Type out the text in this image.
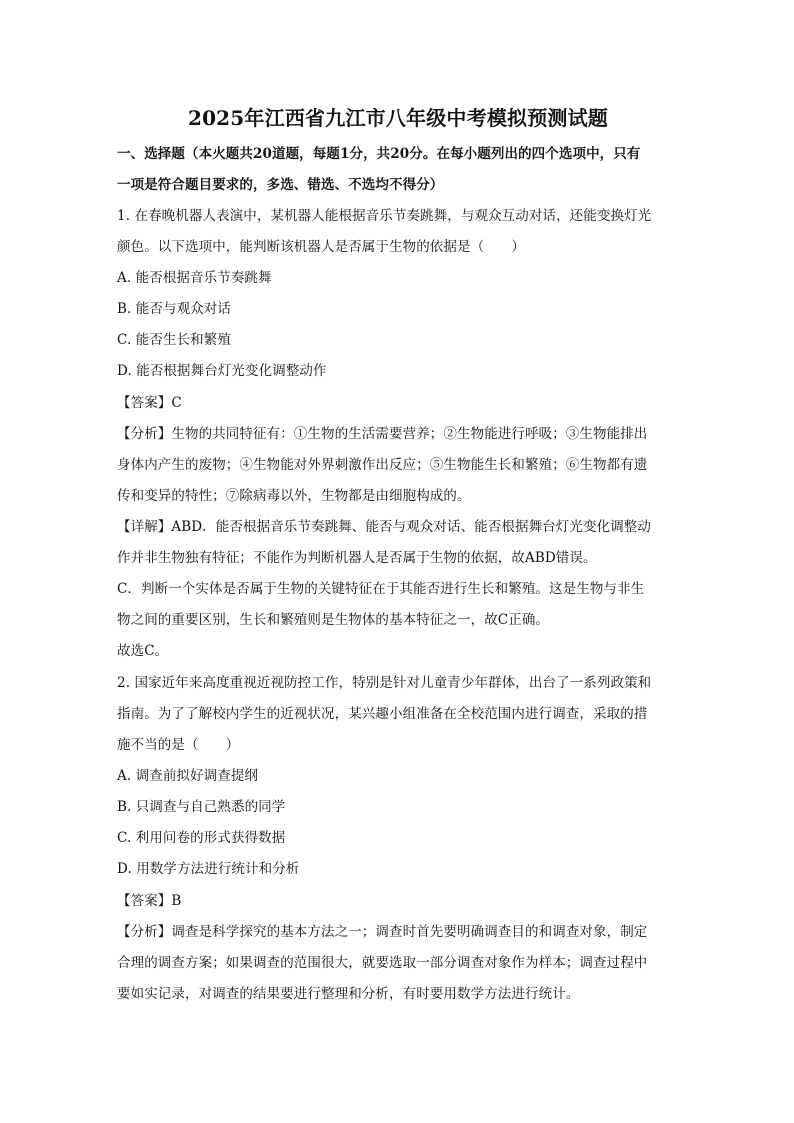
2025年江西省九江市八年级中考模拟预测试题
一、选择题（本火题共20道题，每题1分，共20分。在每小题列出的四个选项中，只有
一项是符合题目要求的，多选、错选、不选均不得分）
1. 在春晚机器人表演中，某机器人能根据音乐节奏跳舞，与观众互动对话，还能变换灯光
颜色。以下选项中，能判断该机器人是否属于生物的依据是（　　）
A. 能否根据音乐节奏跳舞
B. 能否与观众对话
C. 能否生长和繁殖
D. 能否根据舞台灯光变化调整动作
【答案】C
【分析】生物的共同特征有：①生物的生活需要营养；②生物能进行呼吸；③生物能排出
身体内产生的废物；④生物能对外界刺激作出反应；⑤生物能生长和繁殖；⑥生物都有遗
传和变异的特性；⑦除病毒以外，生物都是由细胞构成的。
【详解】ABD．能否根据音乐节奏跳舞、能否与观众对话、能否根据舞台灯光变化调整动
作并非生物独有特征；不能作为判断机器人是否属于生物的依据，故ABD错误。
C．判断一个实体是否属于生物的关键特征在于其能否进行生长和繁殖。这是生物与非生
物之间的重要区别，生长和繁殖则是生物体的基本特征之一，故C正确。
故选C。
2. 国家近年来高度重视近视防控工作，特别是针对儿童青少年群体，出台了一系列政策和
指南。为了了解校内学生的近视状况，某兴趣小组准备在全校范围内进行调查，采取的措
施不当的是（　　）
A. 调查前拟好调查提纲
B. 只调查与自己熟悉的同学
C. 利用问卷的形式获得数据
D. 用数学方法进行统计和分析
【答案】B
【分析】调查是科学探究的基本方法之一；调查时首先要明确调查目的和调查对象，制定
合理的调查方案；如果调查的范围很大，就要选取一部分调查对象作为样本；调查过程中
要如实记录，对调查的结果要进行整理和分析，有时要用数学方法进行统计。
